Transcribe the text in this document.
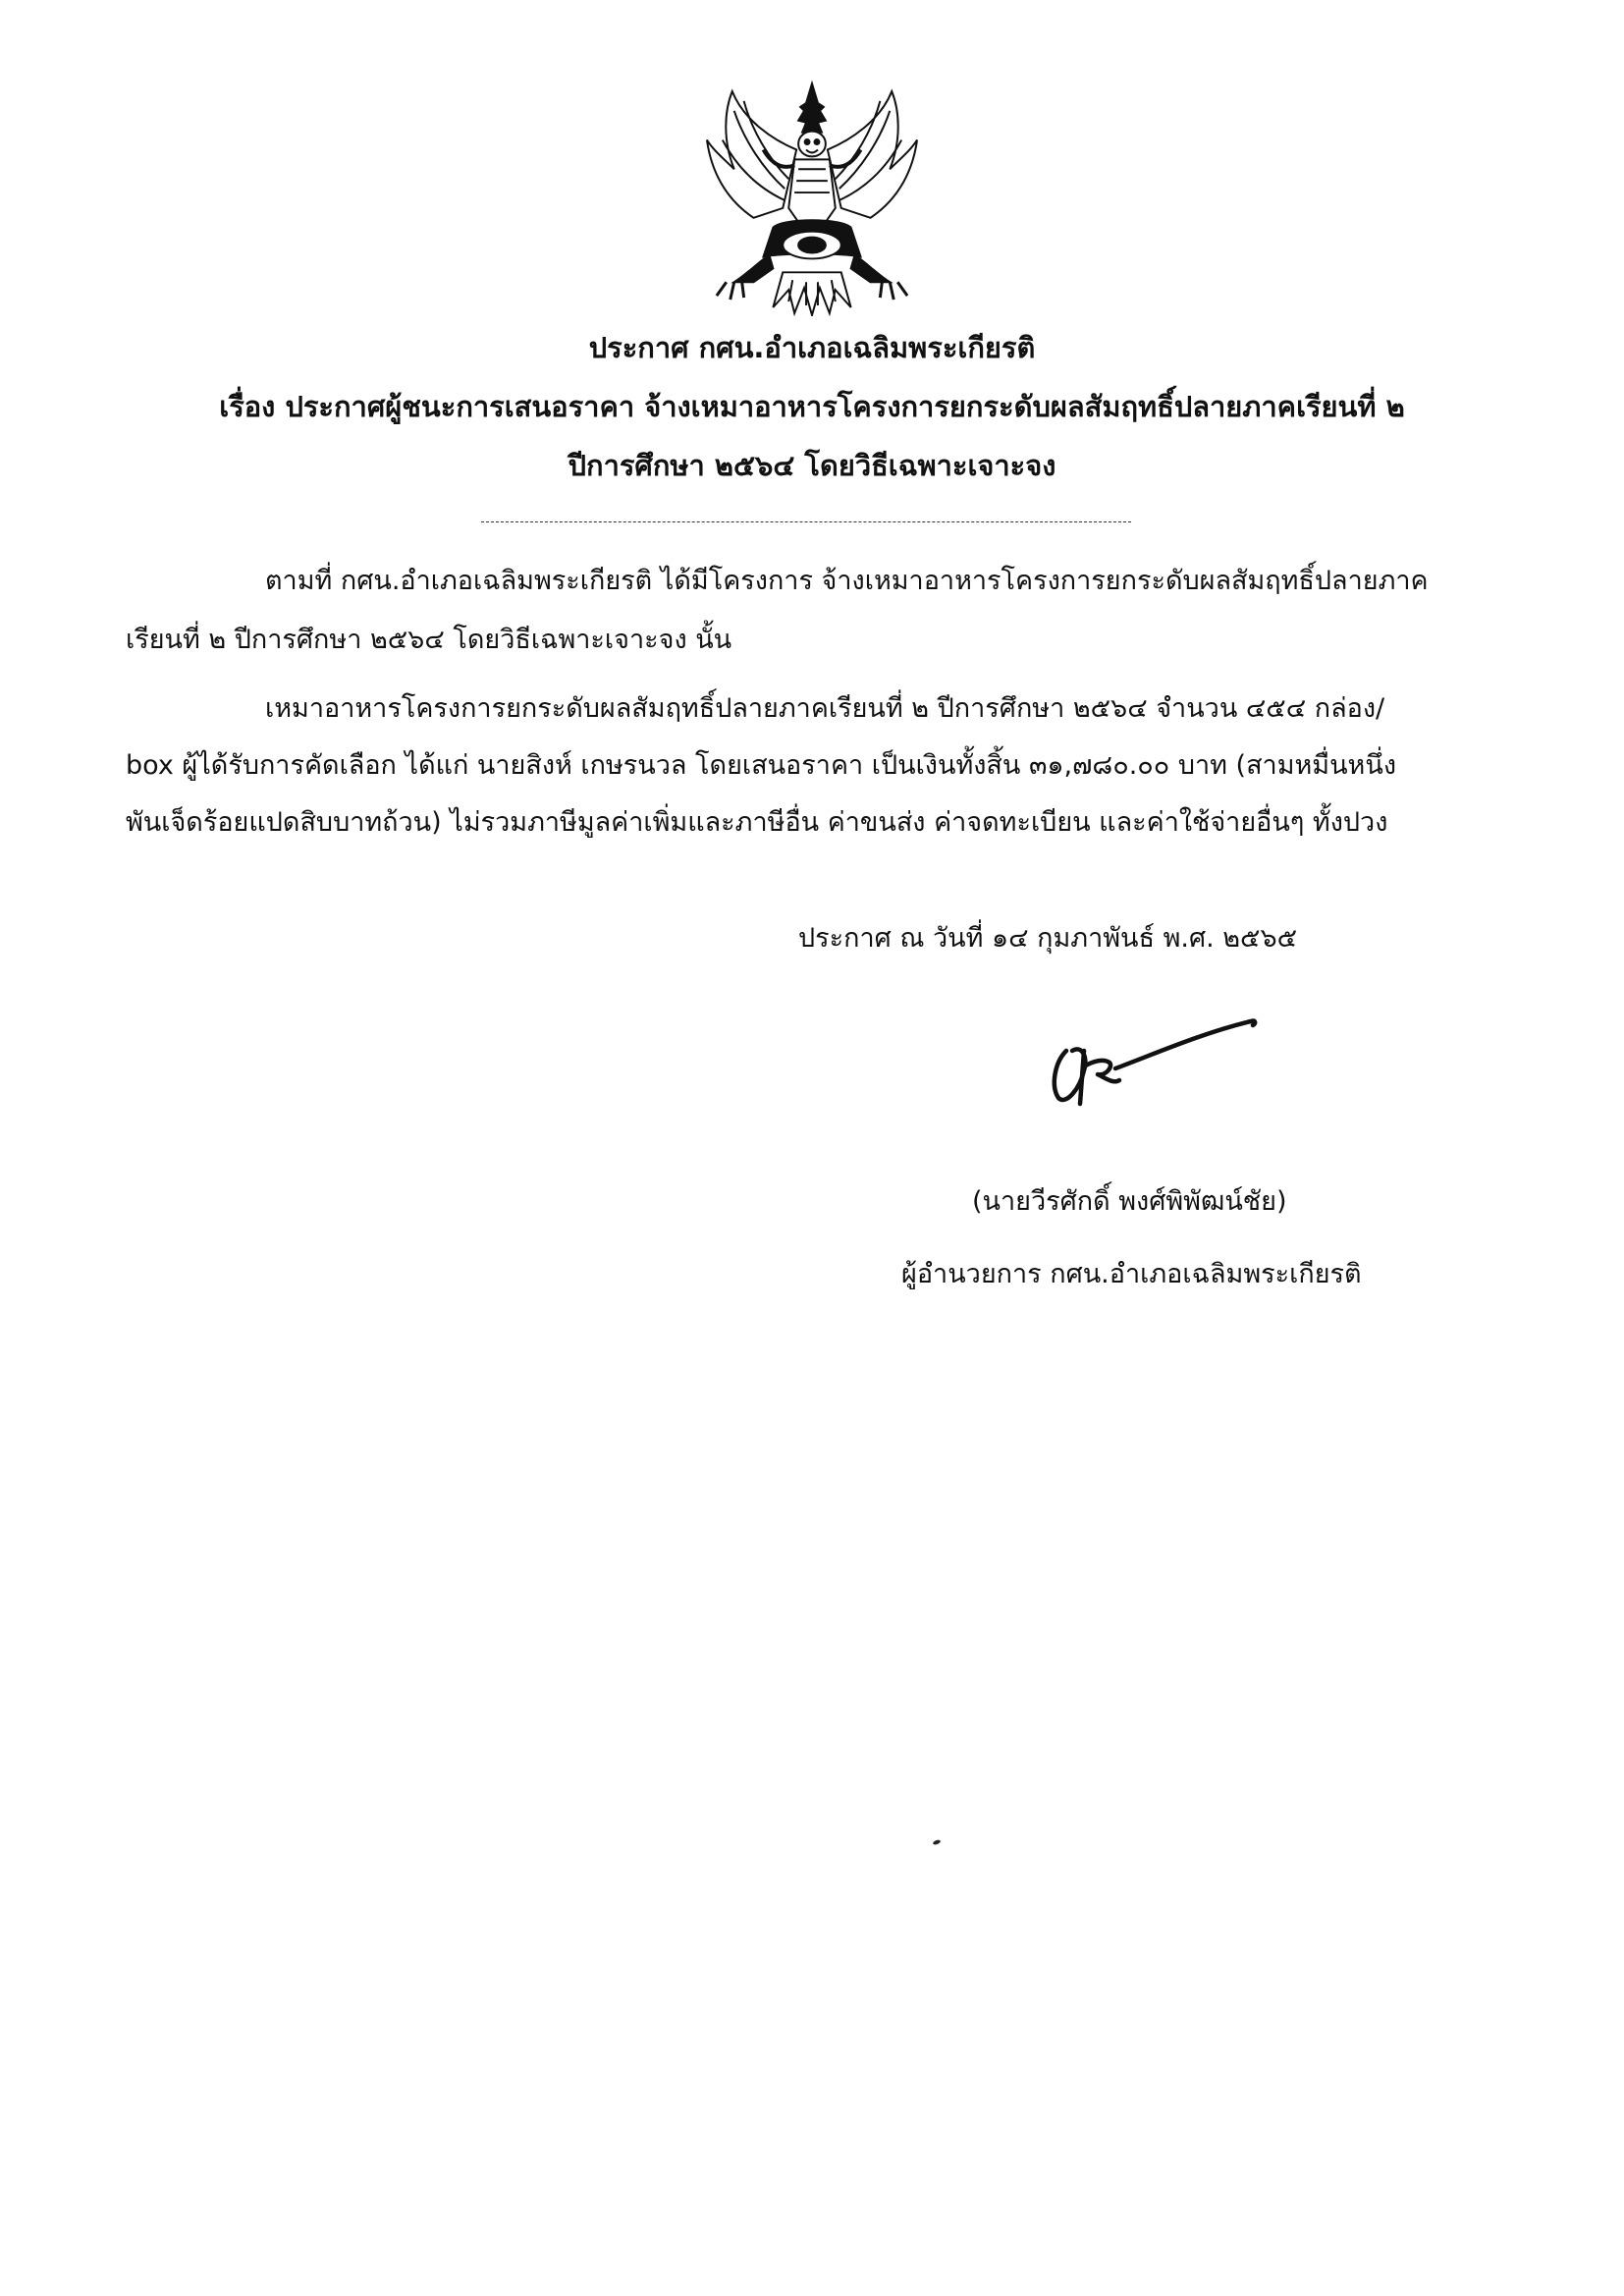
ประกาศ กศน.อำเภอเฉลิมพระเกียรติ
เรื่อง ประกาศผู้ชนะการเสนอราคา จ้างเหมาอาหารโครงการยกระดับผลสัมฤทธิ์ปลายภาคเรียนที่ ๒
ปีการศึกษา ๒๕๖๔ โดยวิธีเฉพาะเจาะจง
ตามที่ กศน.อำเภอเฉลิมพระเกียรติ ได้มีโครงการ จ้างเหมาอาหารโครงการยกระดับผลสัมฤทธิ์ปลายภาค
เรียนที่ ๒ ปีการศึกษา ๒๕๖๔ โดยวิธีเฉพาะเจาะจง นั้น
เหมาอาหารโครงการยกระดับผลสัมฤทธิ์ปลายภาคเรียนที่ ๒ ปีการศึกษา ๒๕๖๔ จำนวน ๔๕๔ กล่อง/
box ผู้ได้รับการคัดเลือก ได้แก่ นายสิงห์ เกษรนวล โดยเสนอราคา เป็นเงินทั้งสิ้น ๓๑,๗๘๐.๐๐ บาท (สามหมื่นหนึ่ง
พันเจ็ดร้อยแปดสิบบาทถ้วน) ไม่รวมภาษีมูลค่าเพิ่มและภาษีอื่น ค่าขนส่ง ค่าจดทะเบียน และค่าใช้จ่ายอื่นๆ ทั้งปวง
ประกาศ ณ วันที่ ๑๔ กุมภาพันธ์ พ.ศ. ๒๕๖๕
(นายวีรศักดิ์ พงศ์พิพัฒน์ชัย)
ผู้อำนวยการ กศน.อำเภอเฉลิมพระเกียรติ
